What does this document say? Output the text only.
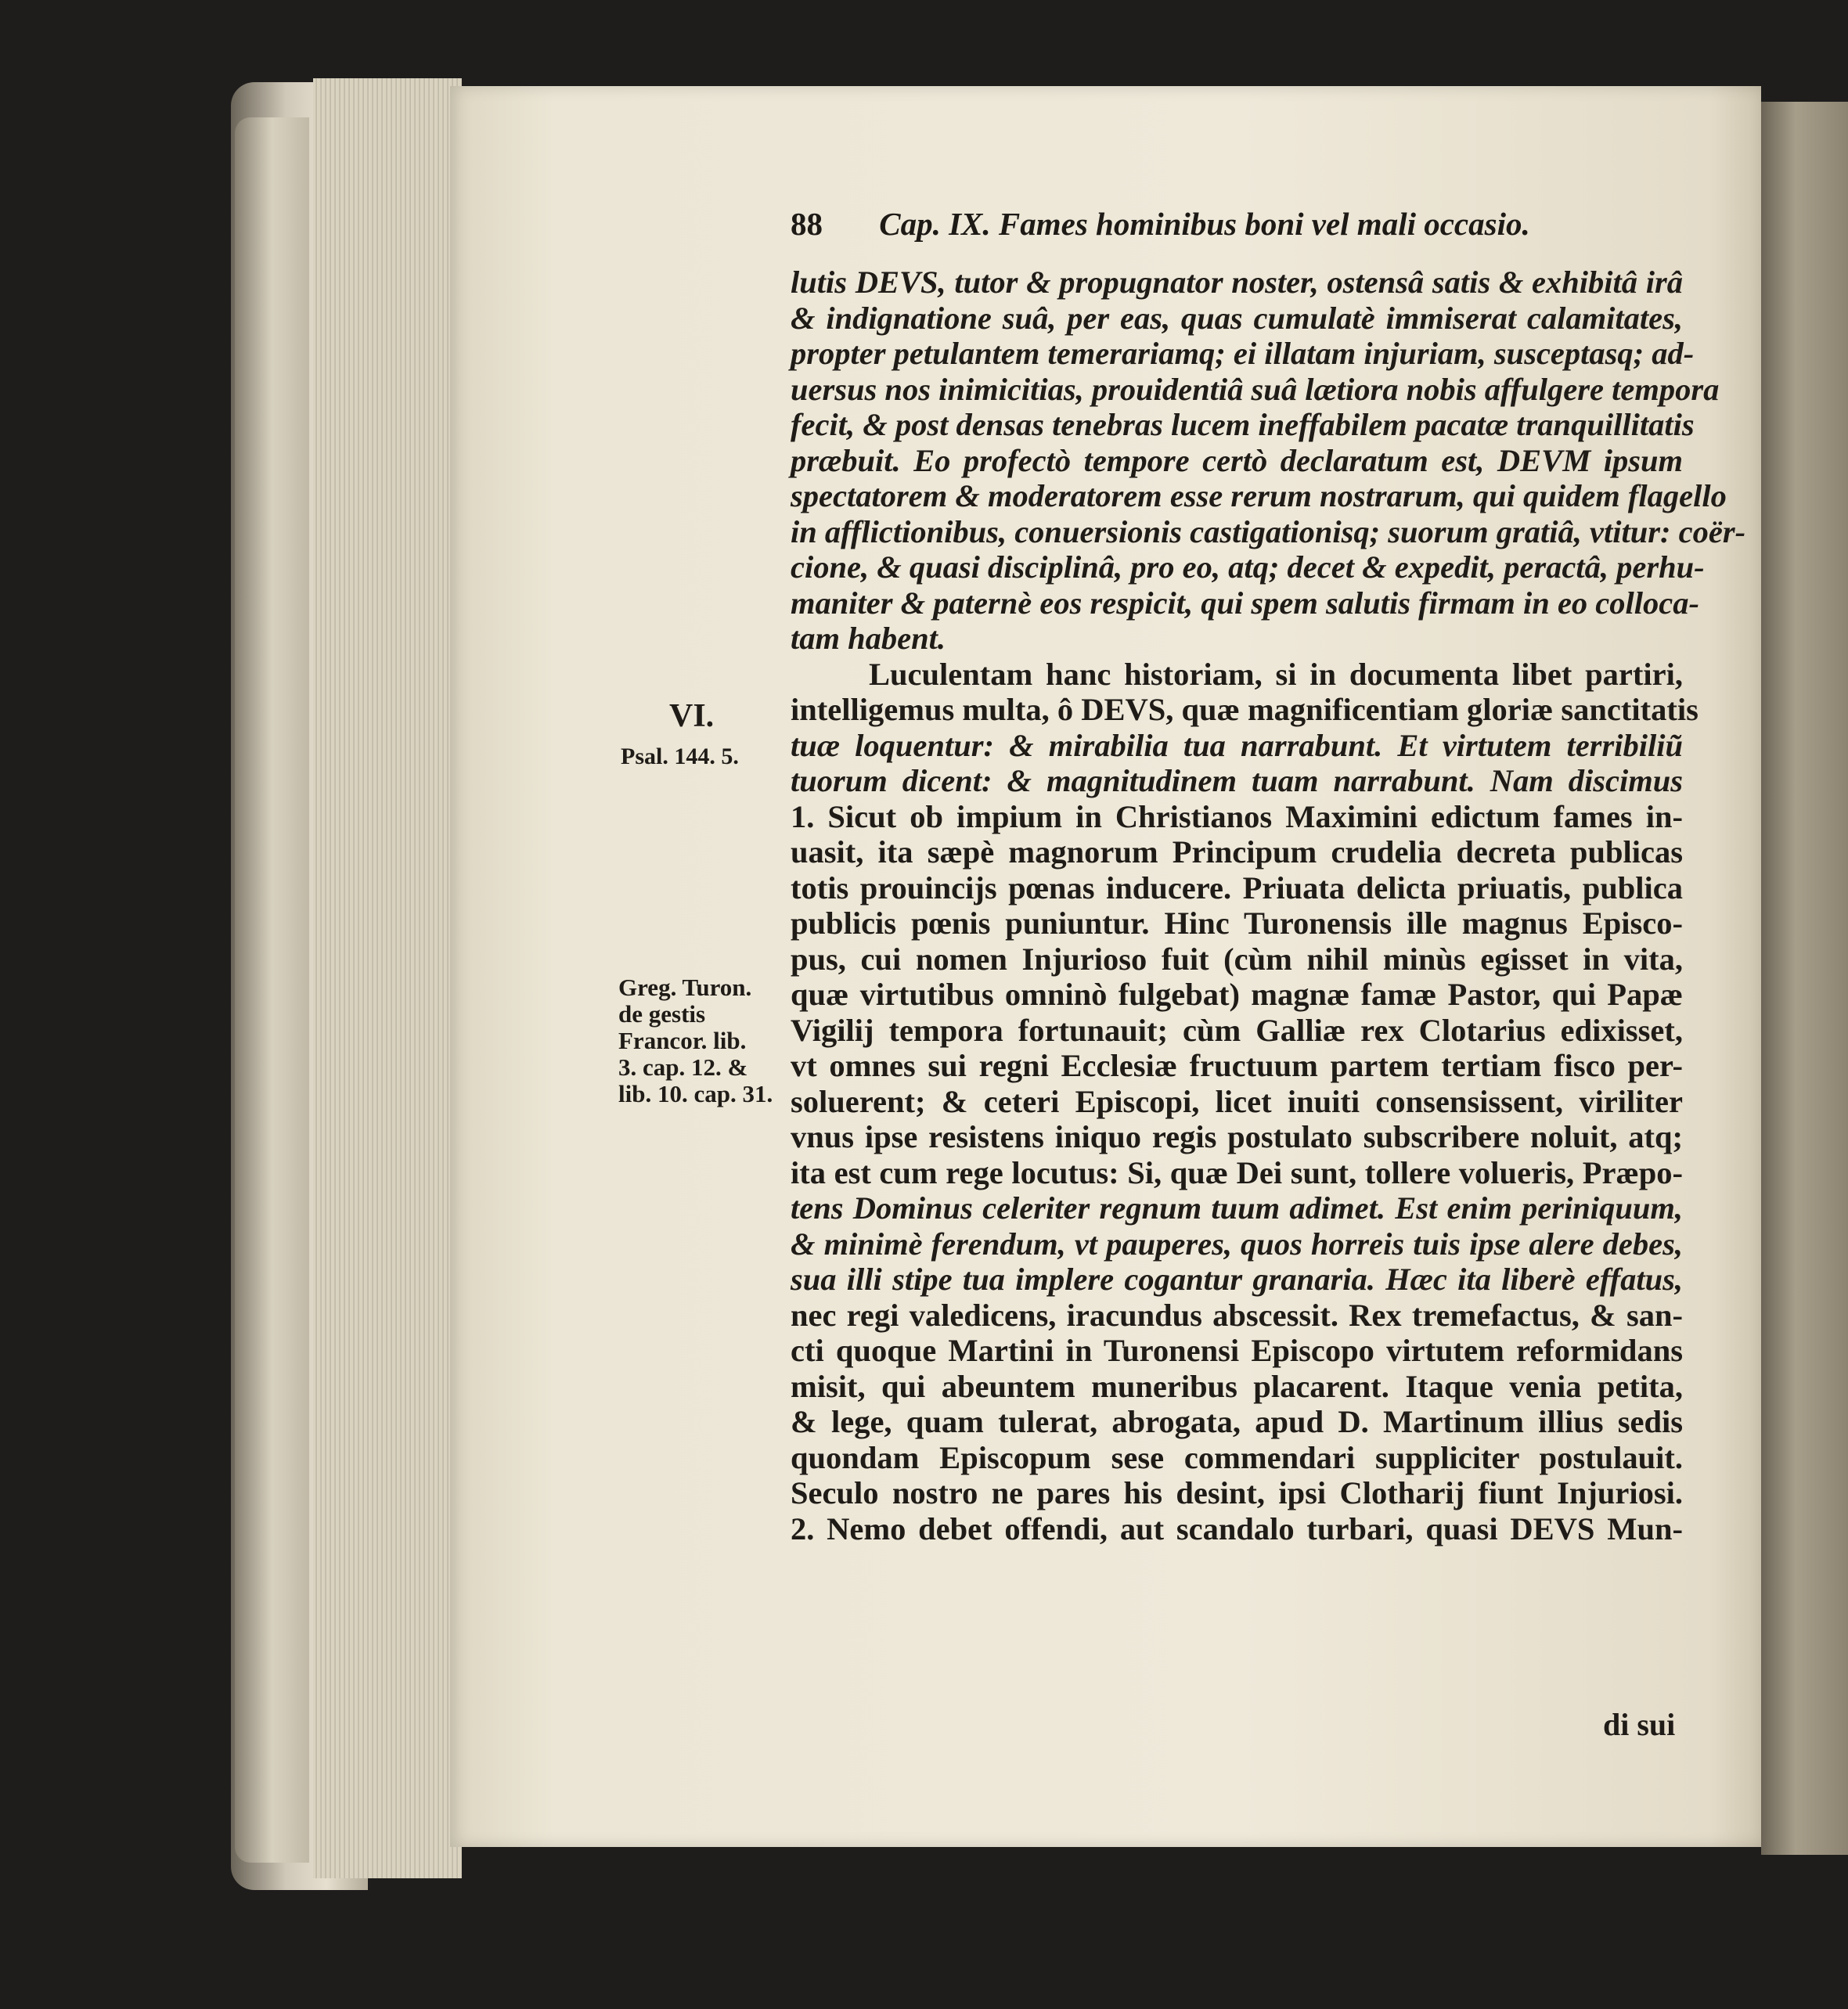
88 Cap. IX. Fames hominibus boni vel mali occasio.
VI.
Psal. 144. 5.
Greg. Turon.
de gestis
Francor. lib.
3. cap. 12. &
lib. 10. cap. 31.
lutis DEVS, tutor & propugnator noster, ostensâ satis & exhibitâ irâ
& indignatione suâ, per eas, quas cumulatè immiserat calamitates,
propter petulantem temerariamq; ei illatam injuriam, susceptasq; ad-
uersus nos inimicitias, prouidentiâ suâ lætiora nobis affulgere tempora
fecit, & post densas tenebras lucem ineffabilem pacatæ tranquillitatis
præbuit. Eo profectò tempore certò declaratum est, DEVM ipsum
spectatorem & moderatorem esse rerum nostrarum, qui quidem flagello
in afflictionibus, conuersionis castigationisq; suorum gratiâ, vtitur: coër-
cione, & quasi disciplinâ, pro eo, atq; decet & expedit, peractâ, perhu-
maniter & paternè eos respicit, qui spem salutis firmam in eo colloca-
tam habent.
Luculentam hanc historiam, si in documenta libet partiri,
intelligemus multa, ô DEVS, quæ magnificentiam gloriæ sanctitatis
tuæ loquentur: & mirabilia tua narrabunt. Et virtutem terribiliũ
tuorum dicent: & magnitudinem tuam narrabunt. Nam discimus
1. Sicut ob impium in Christianos Maximini edictum fames in-
uasit, ita sæpè magnorum Principum crudelia decreta publicas
totis prouincijs pœnas inducere. Priuata delicta priuatis, publica
publicis pœnis puniuntur. Hinc Turonensis ille magnus Episco-
pus, cui nomen Injurioso fuit (cùm nihil minùs egisset in vita,
quæ virtutibus omninò fulgebat) magnæ famæ Pastor, qui Papæ
Vigilij tempora fortunauit; cùm Galliæ rex Clotarius edixisset,
vt omnes sui regni Ecclesiæ fructuum partem tertiam fisco per-
soluerent; & ceteri Episcopi, licet inuiti consensissent, viriliter
vnus ipse resistens iniquo regis postulato subscribere noluit, atq;
ita est cum rege locutus: Si, quæ Dei sunt, tollere volueris, Præpo-
tens Dominus celeriter regnum tuum adimet. Est enim periniquum,
& minimè ferendum, vt pauperes, quos horreis tuis ipse alere debes,
sua illi stipe tua implere cogantur granaria. Hæc ita liberè effatus,
nec regi valedicens, iracundus abscessit. Rex tremefactus, & san-
cti quoque Martini in Turonensi Episcopo virtutem reformidans
misit, qui abeuntem muneribus placarent. Itaque venia petita,
& lege, quam tulerat, abrogata, apud D. Martinum illius sedis
quondam Episcopum sese commendari suppliciter postulauit.
Seculo nostro ne pares his desint, ipsi Clotharij fiunt Injuriosi.
2. Nemo debet offendi, aut scandalo turbari, quasi DEVS Mun-
di sui
